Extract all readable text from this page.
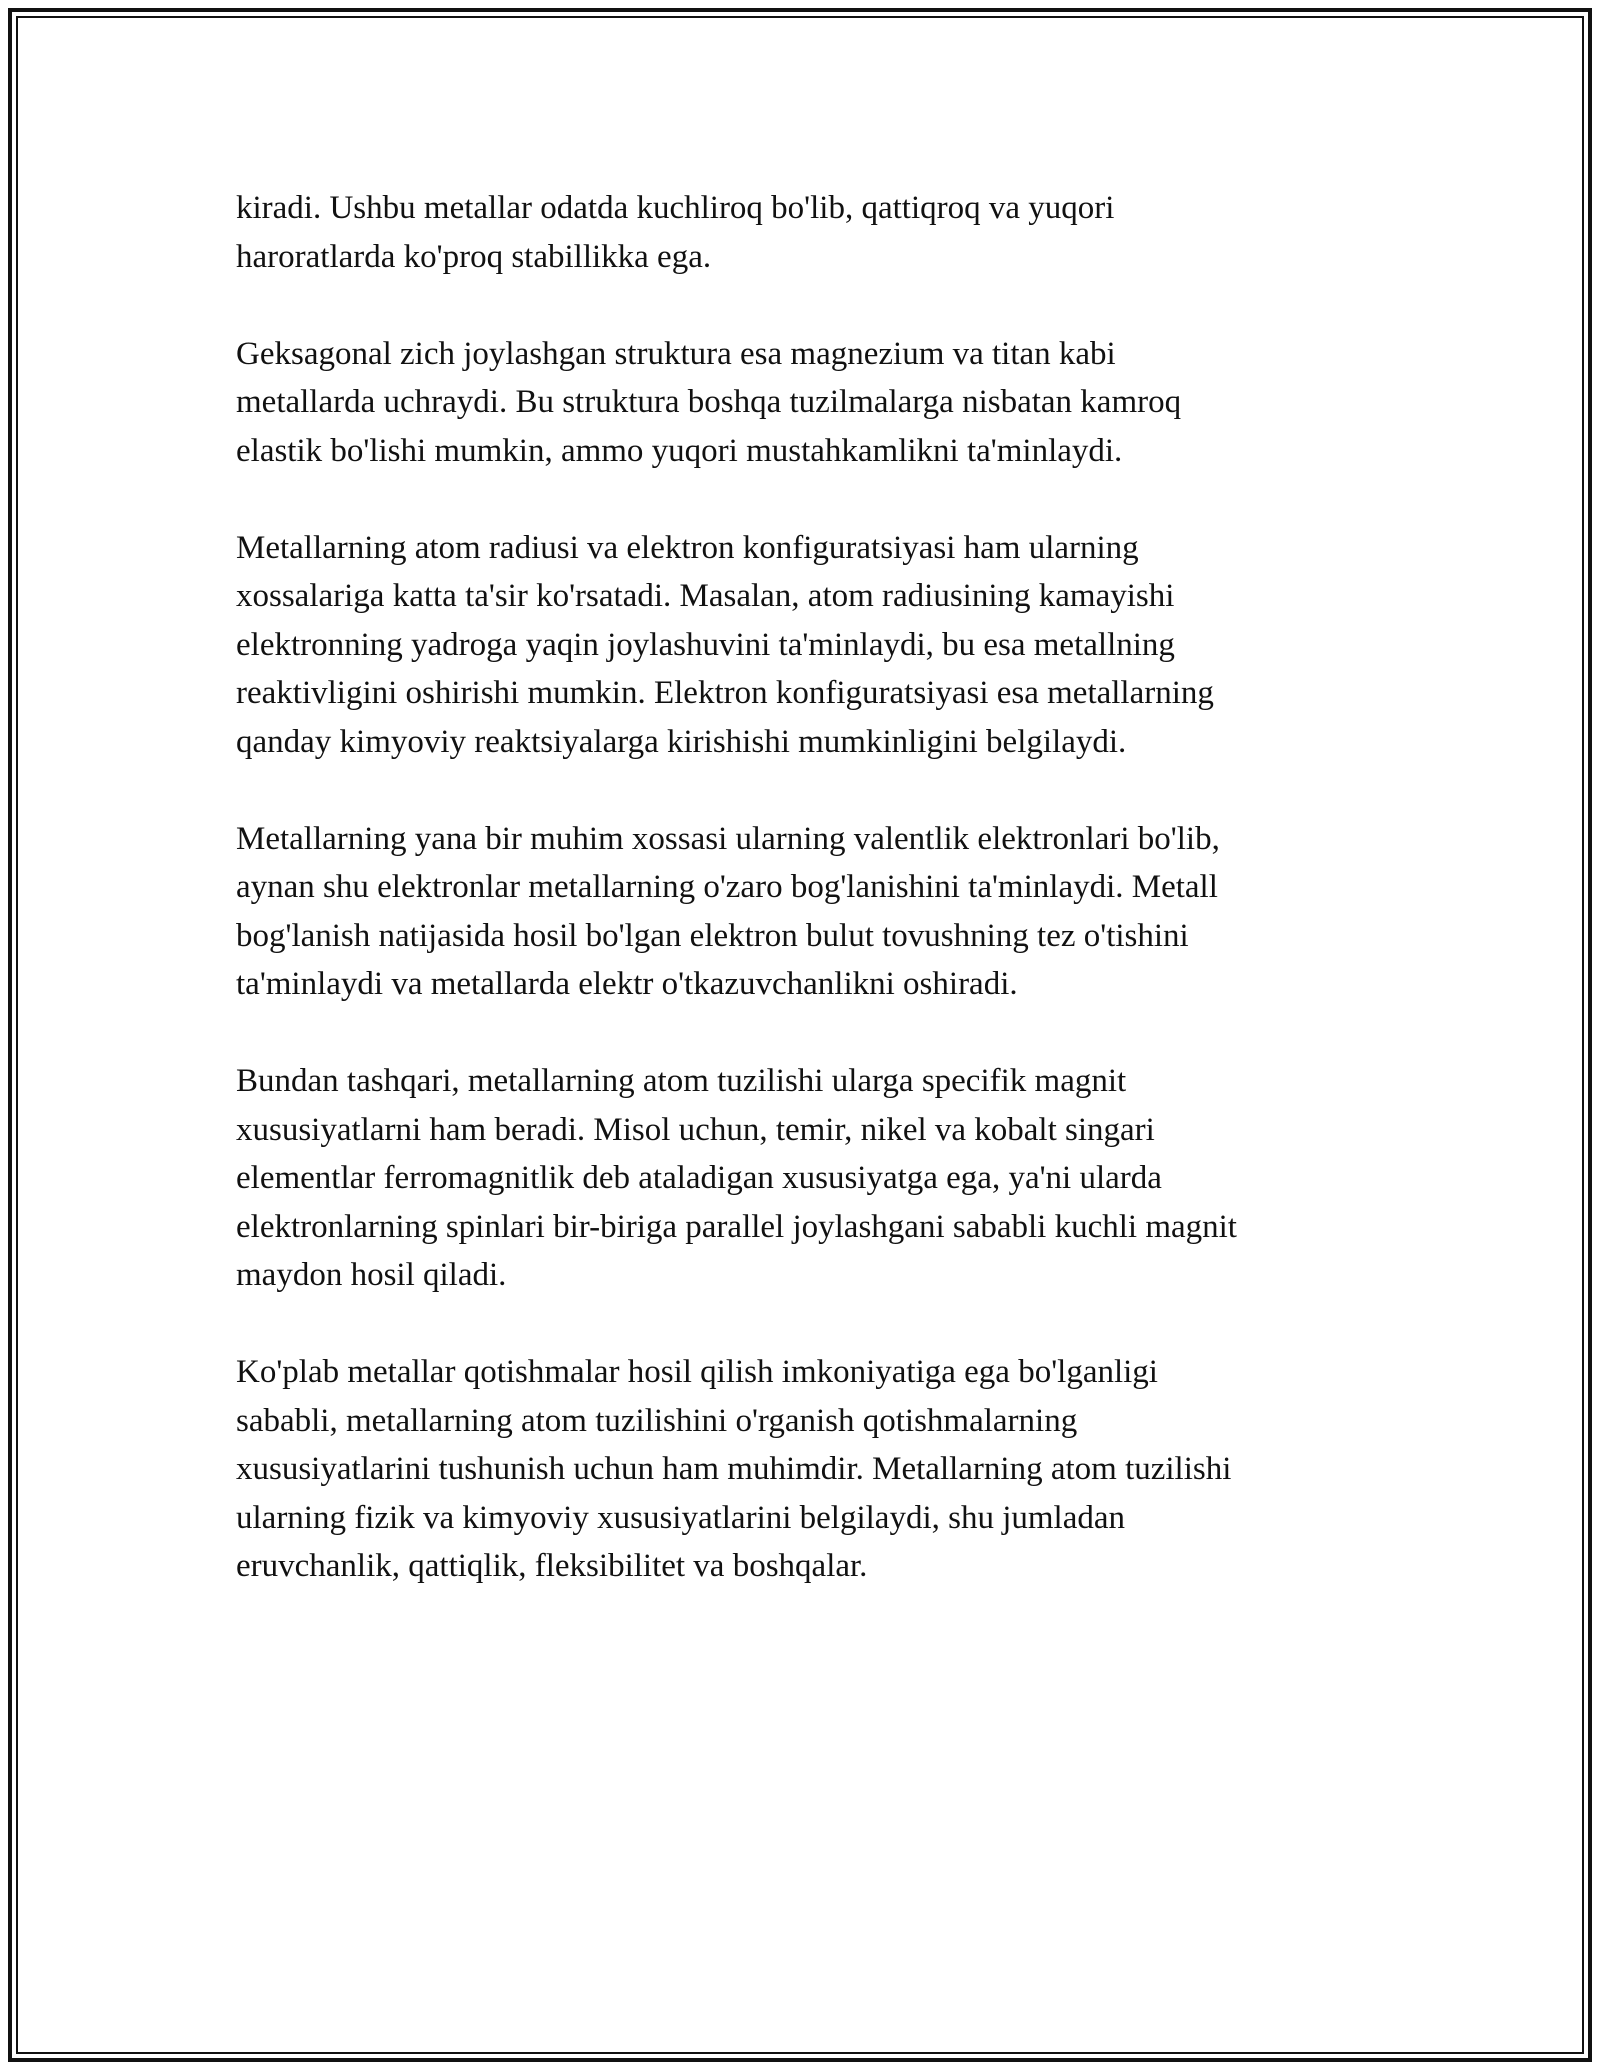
kiradi. Ushbu metallar odatda kuchliroq bo'lib, qattiqroq va yuqori
haroratlarda ko'proq stabillikka ega.

Geksagonal zich joylashgan struktura esa magnezium va titan kabi
metallarda uchraydi. Bu struktura boshqa tuzilmalarga nisbatan kamroq
elastik bo'lishi mumkin, ammo yuqori mustahkamlikni ta'minlaydi.

Metallarning atom radiusi va elektron konfiguratsiyasi ham ularning
xossalariga katta ta'sir ko'rsatadi. Masalan, atom radiusining kamayishi
elektronning yadroga yaqin joylashuvini ta'minlaydi, bu esa metallning
reaktivligini oshirishi mumkin. Elektron konfiguratsiyasi esa metallarning
qanday kimyoviy reaktsiyalarga kirishishi mumkinligini belgilaydi.

Metallarning yana bir muhim xossasi ularning valentlik elektronlari bo'lib,
aynan shu elektronlar metallarning o'zaro bog'lanishini ta'minlaydi. Metall
bog'lanish natijasida hosil bo'lgan elektron bulut tovushning tez o'tishini
ta'minlaydi va metallarda elektr o'tkazuvchanlikni oshiradi.

Bundan tashqari, metallarning atom tuzilishi ularga specifik magnit
xususiyatlarni ham beradi. Misol uchun, temir, nikel va kobalt singari
elementlar ferromagnitlik deb ataladigan xususiyatga ega, ya'ni ularda
elektronlarning spinlari bir-biriga parallel joylashgani sababli kuchli magnit
maydon hosil qiladi.

Ko'plab metallar qotishmalar hosil qilish imkoniyatiga ega bo'lganligi
sababli, metallarning atom tuzilishini o'rganish qotishmalarning
xususiyatlarini tushunish uchun ham muhimdir. Metallarning atom tuzilishi
ularning fizik va kimyoviy xususiyatlarini belgilaydi, shu jumladan
eruvchanlik, qattiqlik, fleksibilitet va boshqalar.
